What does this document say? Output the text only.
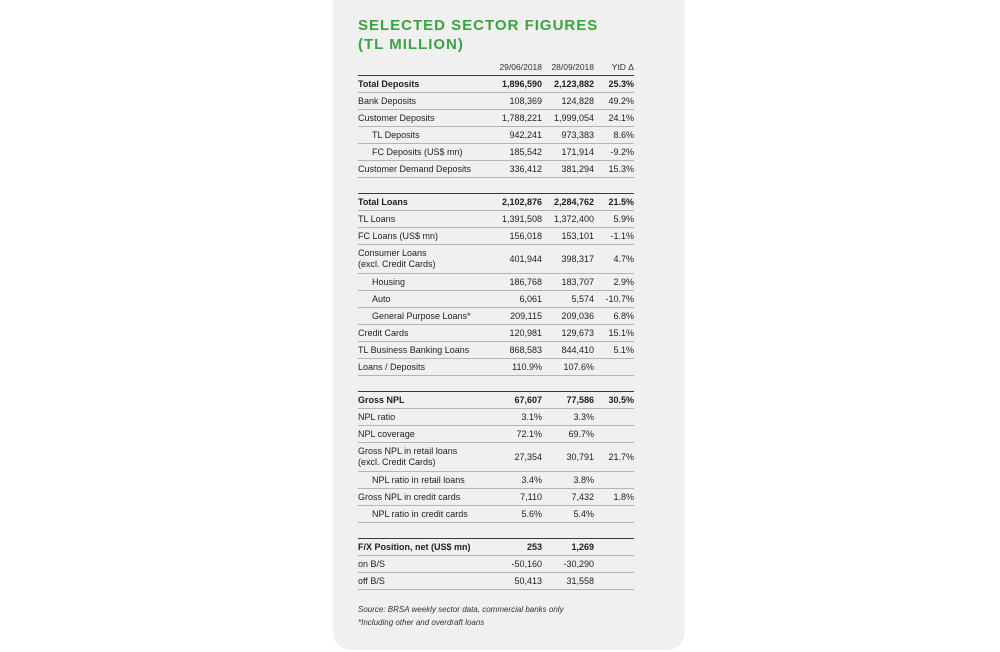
SELECTED SECTOR FIGURES
(TL MILLION)
29/06/2018 28/09/2018 YtD Δ
Total Deposits	1,896,590	2,123,882	25.3%
Bank Deposits	108,369	124,828	49.2%
Customer Deposits	1,788,221	1,999,054	24.1%
TL Deposits	942,241	973,383	8.6%
FC Deposits (US$ mn)	185,542	171,914	-9.2%
Customer Demand Deposits	336,412	381,294	15.3%

Total Loans	2,102,876	2,284,762	21.5%
TL Loans	1,391,508	1,372,400	5.9%
FC Loans (US$ mn)	156,018	153,101	-1.1%
Consumer Loans
(excl. Credit Cards)	401,944	398,317	4.7%
Housing	186,768	183,707	2.9%
Auto	6,061	5,574	-10.7%
General Purpose Loans*	209,115	209,036	6.8%
Credit Cards	120,981	129,673	15.1%
TL Business Banking Loans	868,583	844,410	5.1%
Loans / Deposits	110.9%	107.6%	

Gross NPL	67,607	77,586	30.5%
NPL ratio	3.1%	3.3%	
NPL coverage	72.1%	69.7%	
Gross NPL in retail loans
(excl. Credit Cards)	27,354	30,791	21.7%
NPL ratio in retail loans	3.4%	3.8%	
Gross NPL in credit cards	7,110	7,432	1.8%
NPL ratio in credit cards	5.6%	5.4%	

F/X Position, net (US$ mn)	253	1,269	
on B/S	-50,160	-30,290	
off B/S	50,413	31,558	
Source: BRSA weekly sector data, commercial banks only
*Including other and overdraft loans
